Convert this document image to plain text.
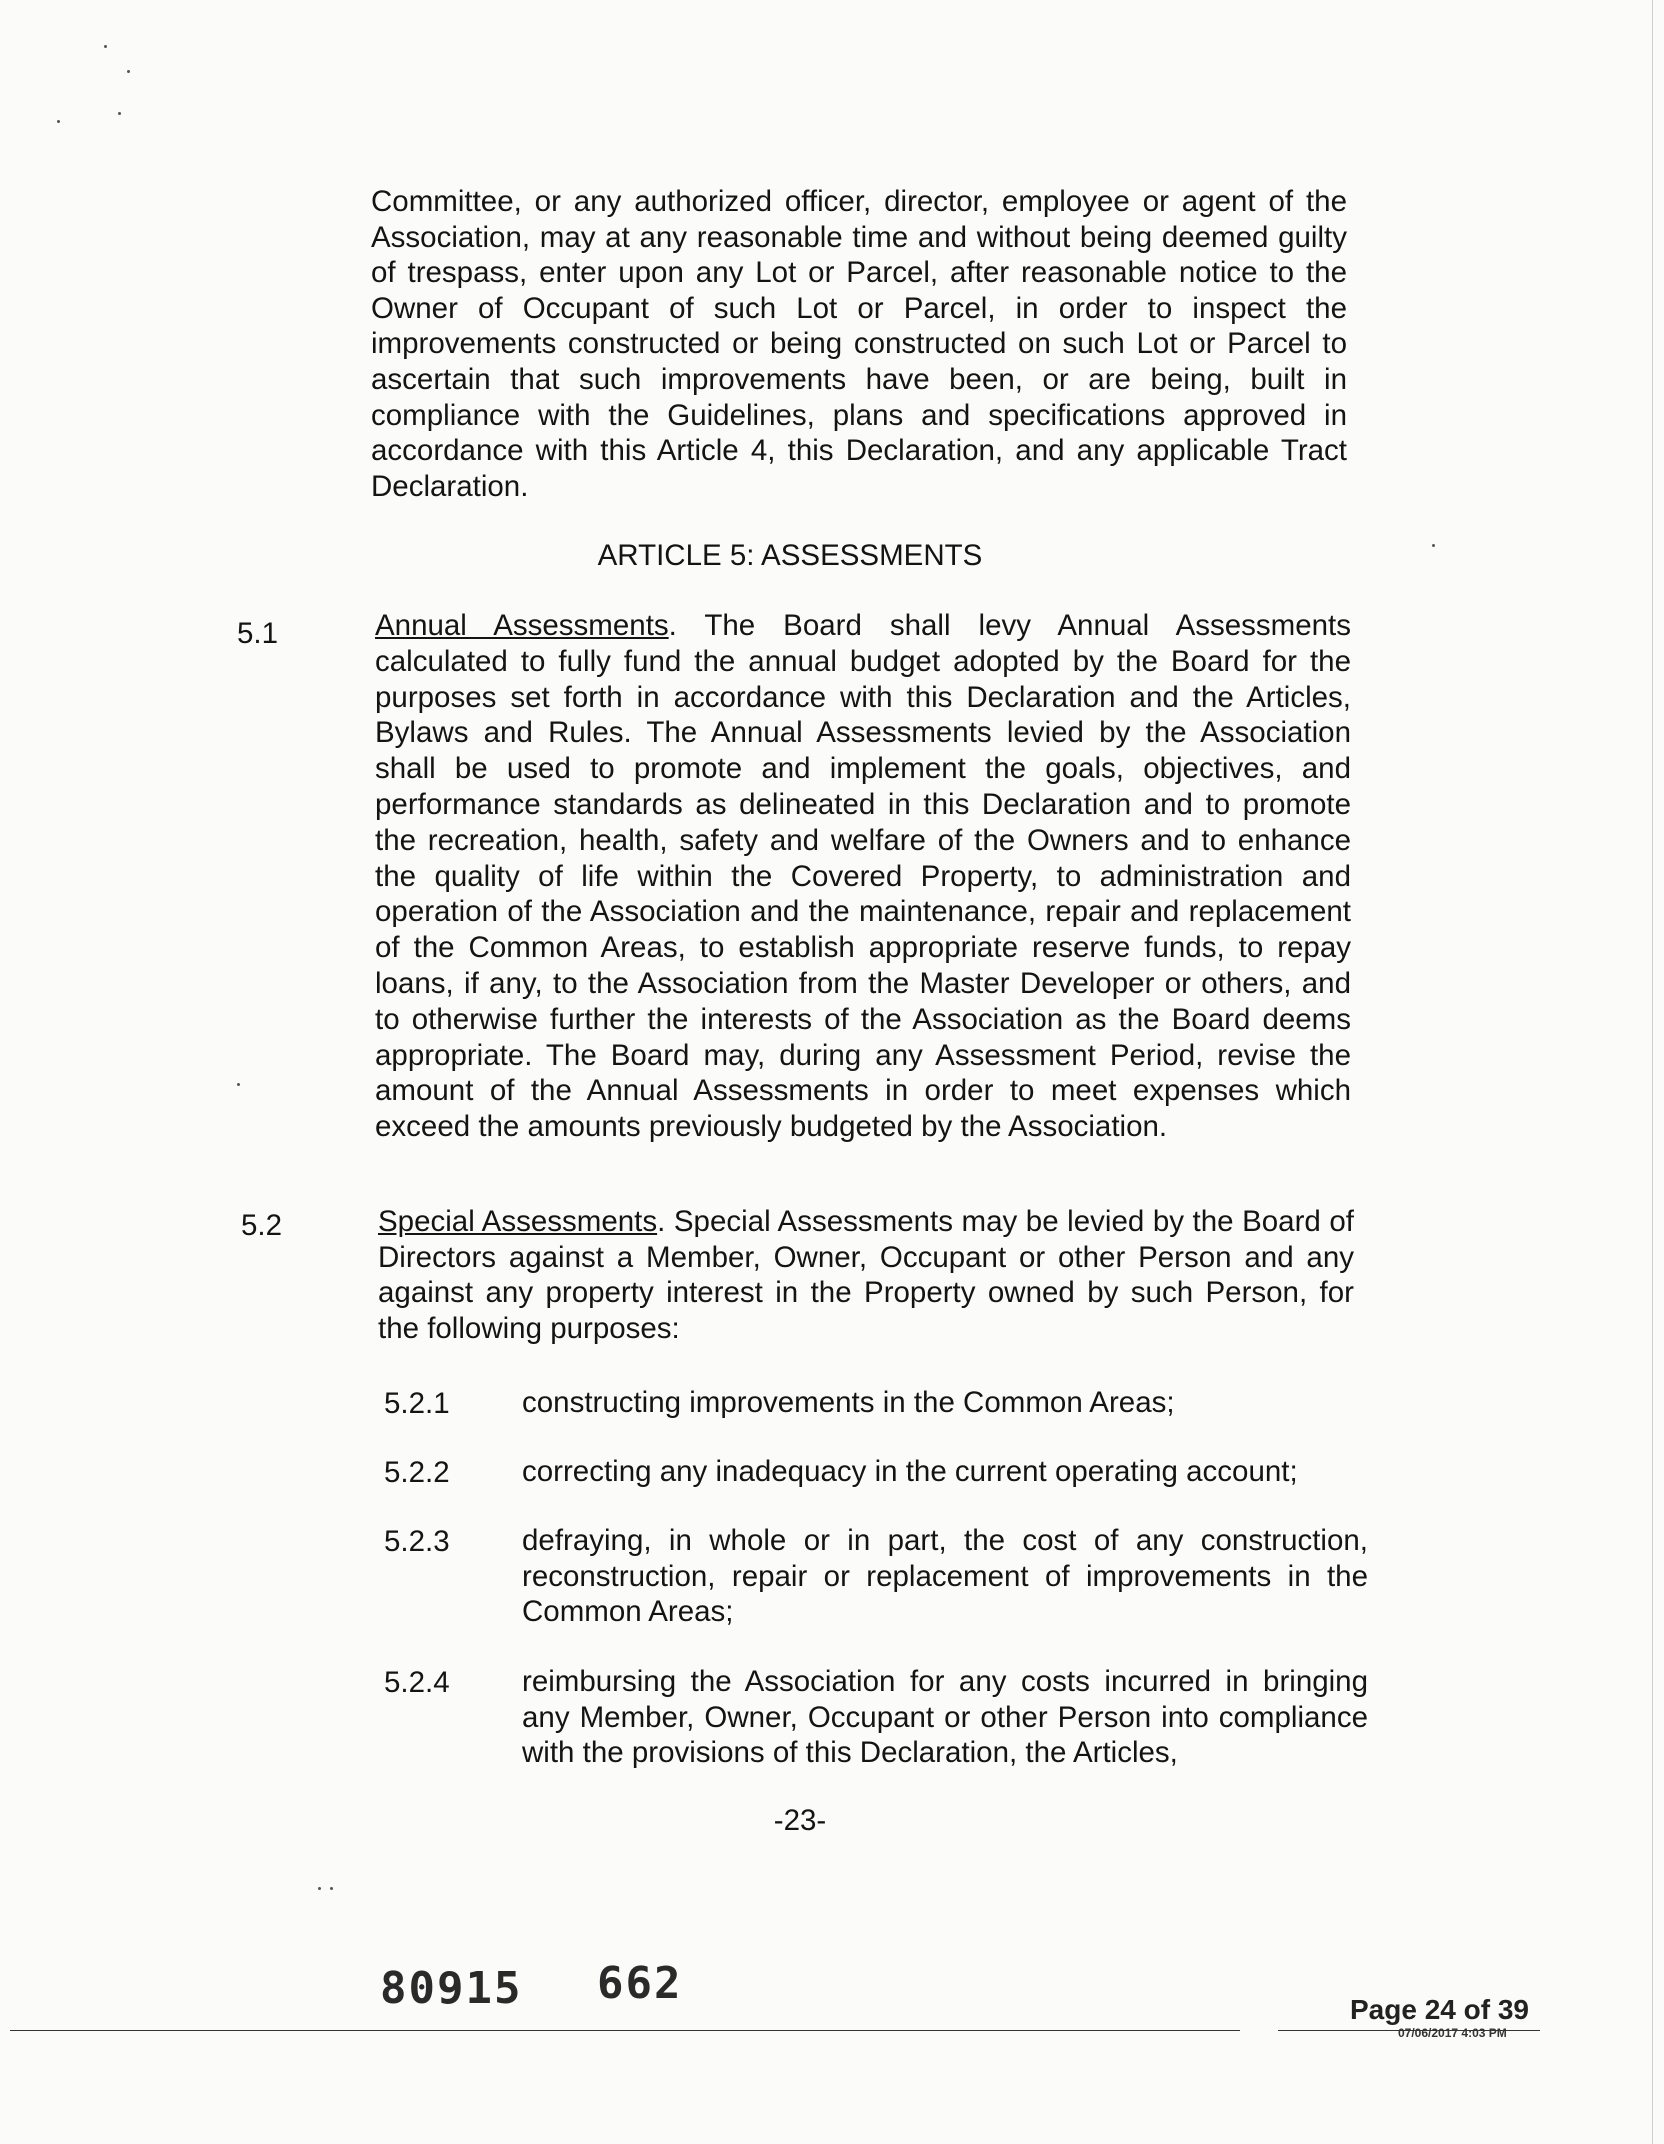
Committee, or any authorized officer, director, employee or agent of the Association, may at any reasonable time and without being deemed guilty of trespass, enter upon any Lot or Parcel, after reasonable notice to the Owner of Occupant of such Lot or Parcel, in order to inspect the improvements constructed or being constructed on such Lot or Parcel to ascertain that such improvements have been, or are being, built in compliance with the Guidelines, plans and specifications approved in accordance with this Article 4, this Declaration, and any applicable Tract Declaration.

ARTICLE 5: ASSESSMENTS
5.1	Annual Assessments. The Board shall levy Annual Assessments calculated to fully fund the annual budget adopted by the Board for the purposes set forth in accordance with this Declaration and the Articles, Bylaws and Rules. The Annual Assessments levied by the Association shall be used to promote and implement the goals, objectives, and performance standards as delineated in this Declaration and to promote the recreation, health, safety and welfare of the Owners and to enhance the quality of life within the Covered Property, to administration and operation of the Association and the maintenance, repair and replacement of the Common Areas, to establish appropriate reserve funds, to repay loans, if any, to the Association from the Master Developer or others, and to otherwise further the interests of the Association as the Board deems appropriate. The Board may, during any Assessment Period, revise the amount of the Annual Assessments in order to meet expenses which exceed the amounts previously budgeted by the Association.

5.2	Special Assessments. Special Assessments may be levied by the Board of Directors against a Member, Owner, Occupant or other Person and any against any property interest in the Property owned by such Person, for the following purposes:

5.2.1 constructing improvements in the Common Areas;

5.2.2 correcting any inadequacy in the current operating account;

5.2.3 defraying, in whole or in part, the cost of any construction, reconstruction, repair or replacement of improvements in the Common Areas;

5.2.4 reimbursing the Association for any costs incurred in bringing any Member, Owner, Occupant or other Person into compliance with the provisions of this Declaration, the Articles,

-23-
80915 662
Page 24 of 39
07/06/2017 4:03 PM
